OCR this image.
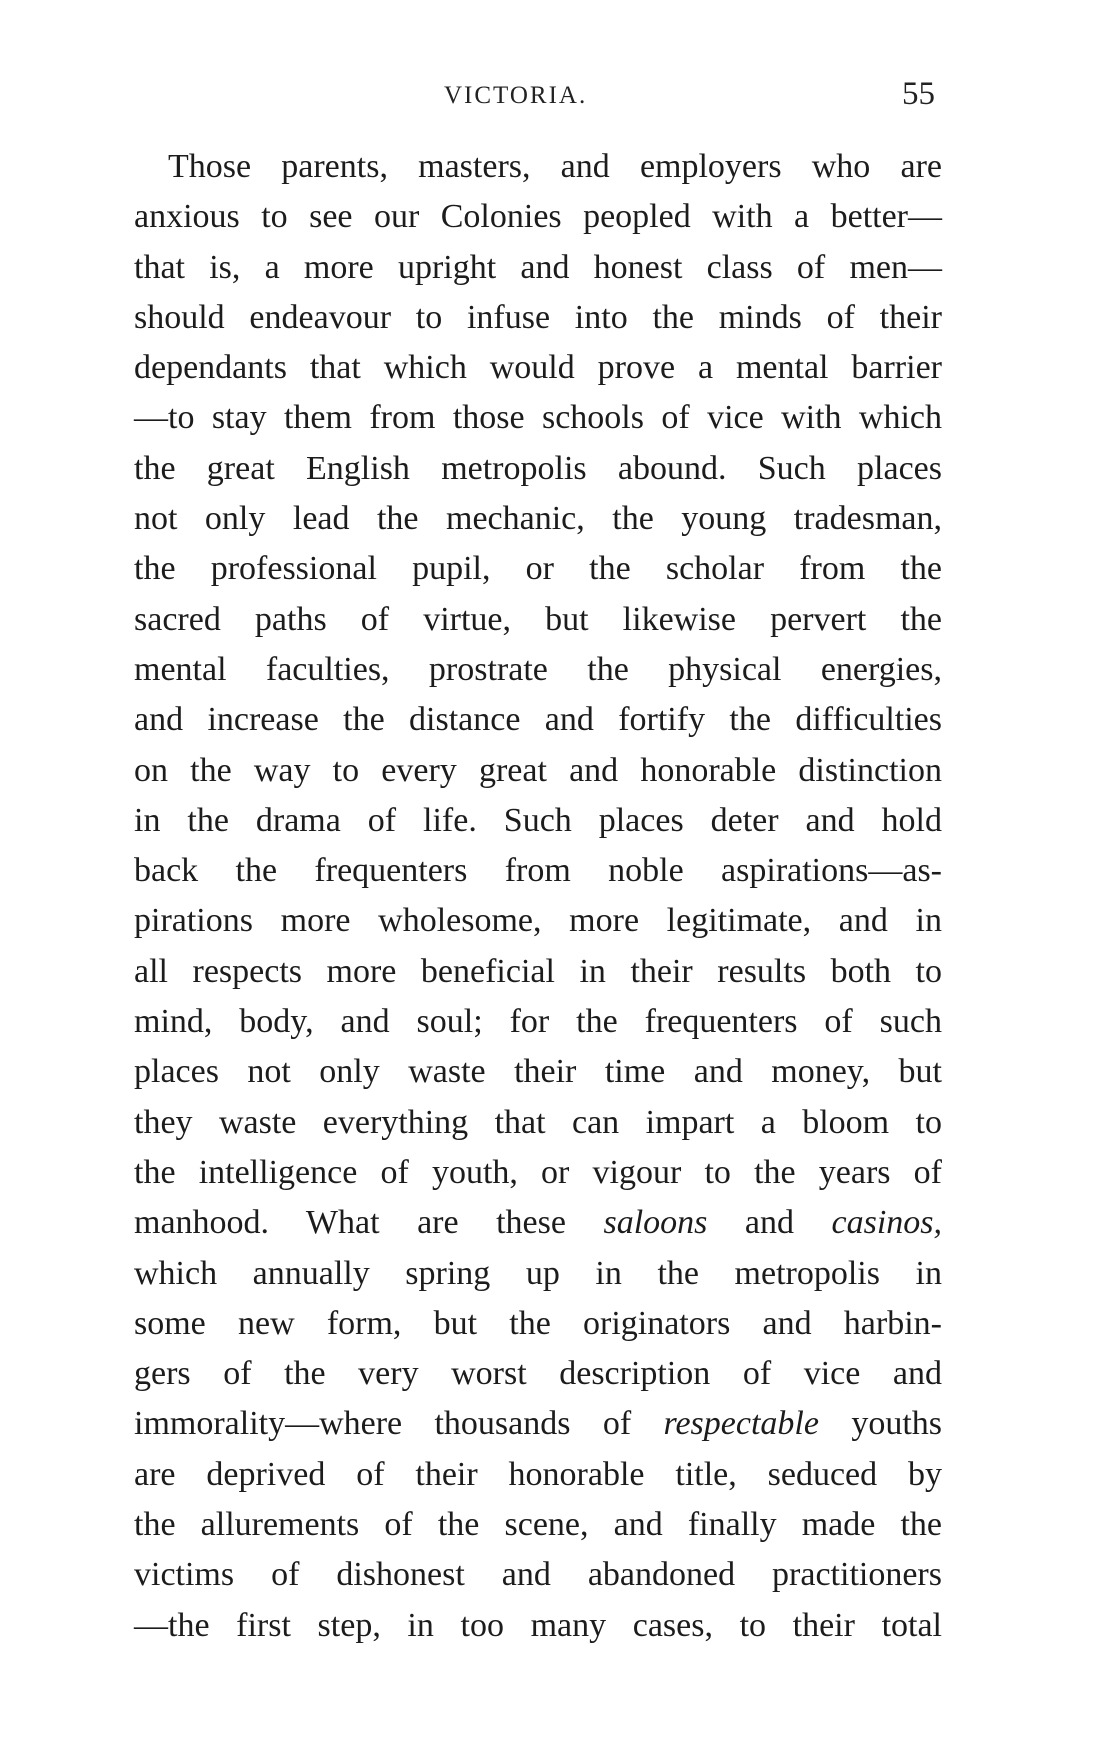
VICTORIA.	55
Those parents, masters, and employers who are
anxious to see our Colonies peopled with a better—
that is, a more upright and honest class of men—
should endeavour to infuse into the minds of their
dependants that which would prove a mental barrier
—to stay them from those schools of vice with which
the great English metropolis abound. Such places
not only lead the mechanic, the young tradesman,
the professional pupil, or the scholar from the
sacred paths of virtue, but likewise pervert the
mental faculties, prostrate the physical energies,
and increase the distance and fortify the difficulties
on the way to every great and honorable distinction
in the drama of life. Such places deter and hold
back the frequenters from noble aspirations—as-
pirations more wholesome, more legitimate, and in
all respects more beneficial in their results both to
mind, body, and soul; for the frequenters of such
places not only waste their time and money, but
they waste everything that can impart a bloom to
the intelligence of youth, or vigour to the years of
manhood. What are these saloons and casinos,
which annually spring up in the metropolis in
some new form, but the originators and harbin-
gers of the very worst description of vice and
immorality—where thousands of respectable youths
are deprived of their honorable title, seduced by
the allurements of the scene, and finally made the
victims of dishonest and abandoned practitioners
—the first step, in too many cases, to their total
